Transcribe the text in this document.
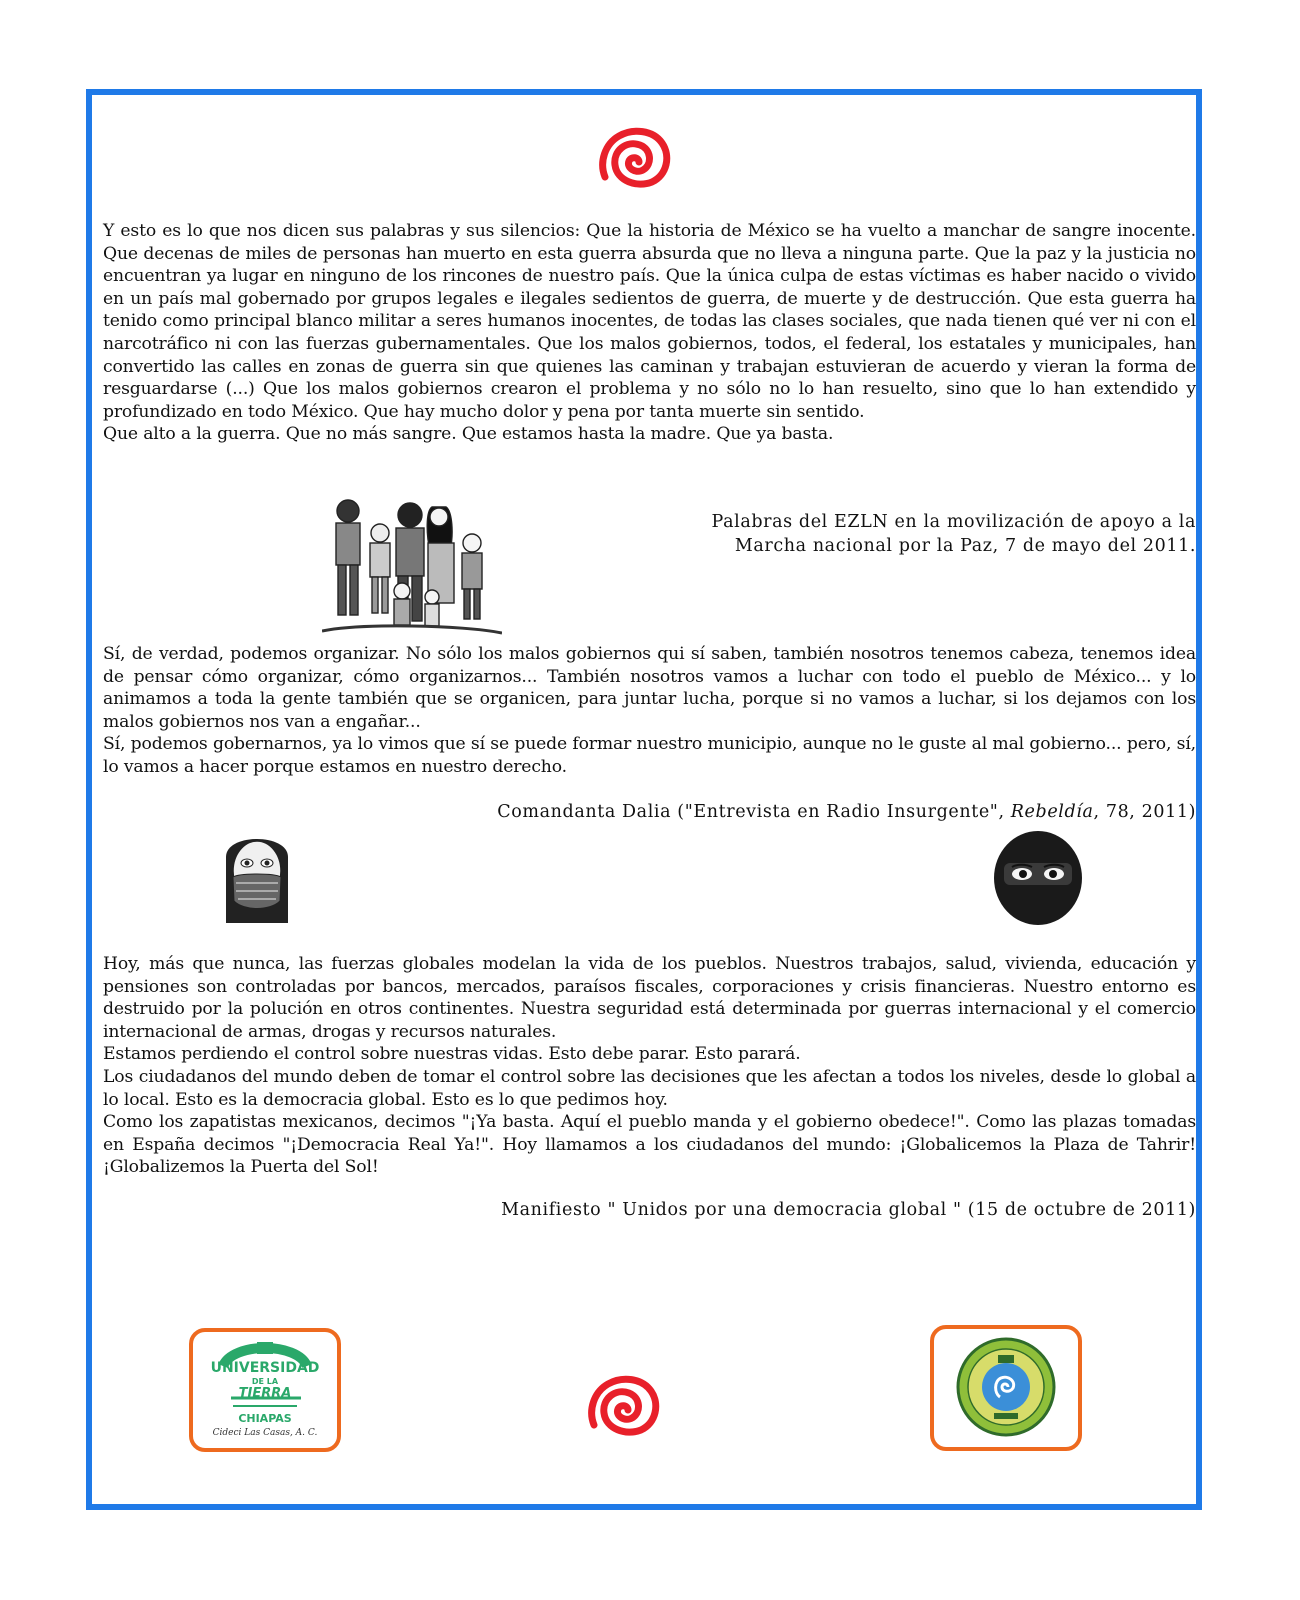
Y esto es lo que nos dicen sus palabras y sus silencios: Que la historia de México se ha vuelto a manchar de sangre inocente. Que decenas de miles de personas han muerto en esta guerra absurda que no lleva a ninguna parte. Que la paz y la justicia no encuentran ya lugar en ninguno de los rincones de nuestro país. Que la única culpa de estas víctimas es haber nacido o vivido en un país mal gobernado por grupos legales e ilegales sedientos de guerra, de muerte y de destrucción. Que esta guerra ha tenido como principal blanco militar a seres humanos inocentes, de todas las clases sociales, que nada tienen qué ver ni con el narcotráfico ni con las fuerzas gubernamentales. Que los malos gobiernos, todos, el federal, los estatales y municipales, han convertido las calles en zonas de guerra sin que quienes las caminan y trabajan estuvieran de acuerdo y vieran la forma de resguardarse (...) Que los malos gobiernos crearon el problema y no sólo no lo han resuelto, sino que lo han extendido y profundizado en todo México. Que hay mucho dolor y pena por tanta muerte sin sentido.

Que alto a la guerra. Que no más sangre. Que estamos hasta la madre. Que ya basta.

Palabras del EZLN en la movilización de apoyo a la

Marcha nacional por la Paz, 7 de mayo del 2011.

Sí, de verdad, podemos organizar. No sólo los malos gobiernos qui sí saben, también nosotros tenemos cabeza, tenemos idea de pensar cómo organizar, cómo organizarnos... También nosotros vamos a luchar con todo el pueblo de México... y lo animamos a toda la gente también que se organicen, para juntar lucha, porque si no vamos a luchar, si los dejamos con los malos gobiernos nos van a engañar...

Sí, podemos gobernarnos, ya lo vimos que sí se puede formar nuestro municipio, aunque no le guste al mal gobierno... pero, sí, lo vamos a hacer porque estamos en nuestro derecho.

Comandanta Dalia ("Entrevista en Radio Insurgente", Rebeldía, 78, 2011)

Hoy, más que nunca, las fuerzas globales modelan la vida de los pueblos. Nuestros trabajos, salud, vivienda, educación y pensiones son controladas por bancos, mercados, paraísos fiscales, corporaciones y crisis financieras. Nuestro entorno es destruido por la polución en otros continentes. Nuestra seguridad está determinada por guerras internacional y el comercio internacional de armas, drogas y recursos naturales.

Estamos perdiendo el control sobre nuestras vidas. Esto debe parar. Esto parará.

Los ciudadanos del mundo deben de tomar el control sobre las decisiones que les afectan a todos los niveles, desde lo global a lo local. Esto es la democracia global. Esto es lo que pedimos hoy.

Como los zapatistas mexicanos, decimos "¡Ya basta. Aquí el pueblo manda y el gobierno obedece!". Como las plazas tomadas en España decimos "¡Democracia Real Ya!". Hoy llamamos a los ciudadanos del mundo: ¡Globalicemos la Plaza de Tahrir! ¡Globalizemos la Puerta del Sol!

Manifiesto " Unidos por una democracia global " (15 de octubre de 2011)

UNIVERSIDAD
DE LA
TIERRA
CHIAPAS
Cideci Las Casas, A. C.
